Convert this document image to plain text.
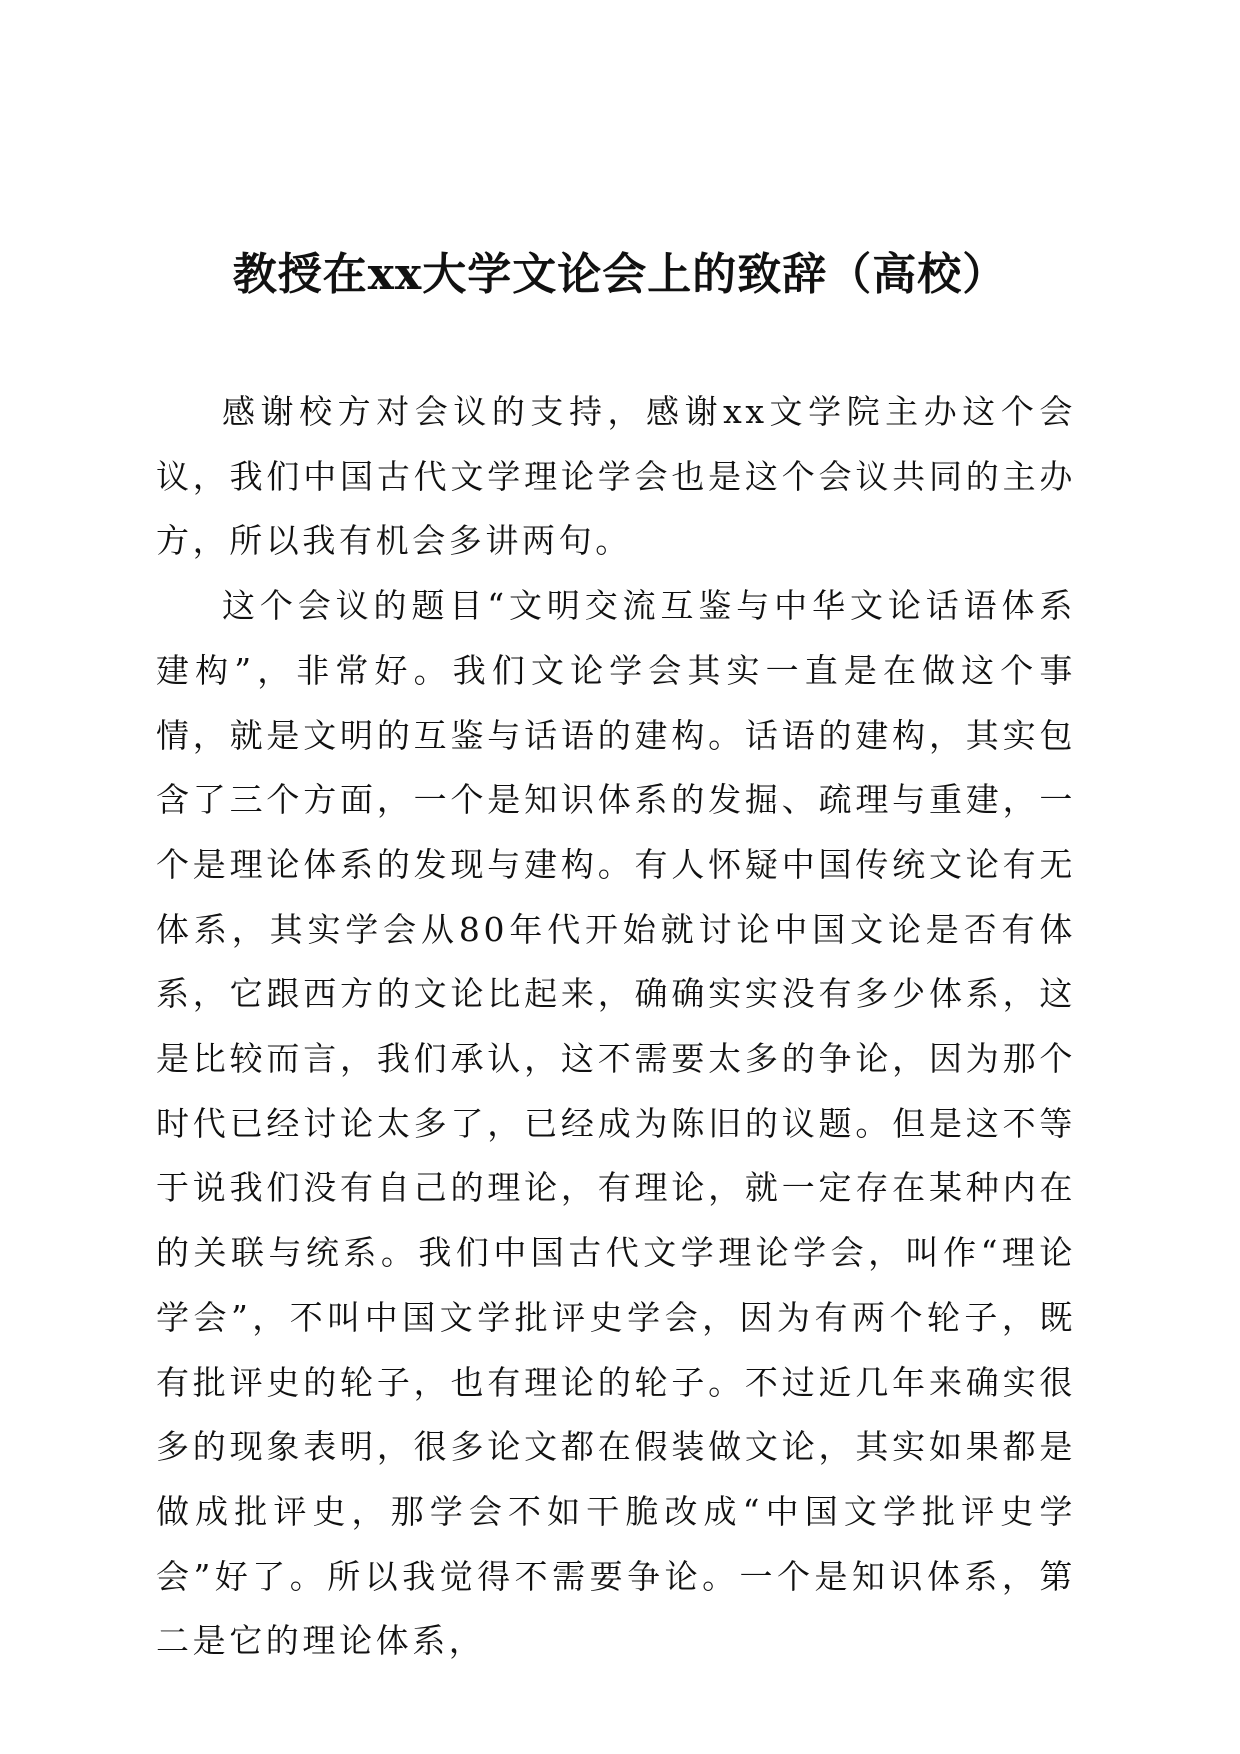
教授在xx大学文论会上的致辞（高校）

感谢校方对会议的支持，感谢xx文学院主办这个会议，我们中国古代文学理论学会也是这个会议共同的主办方，所以我有机会多讲两句。

这个会议的题目“文明交流互鉴与中华文论话语体系建构”，非常好。我们文论学会其实一直是在做这个事情，就是文明的互鉴与话语的建构。话语的建构，其实包含了三个方面，一个是知识体系的发掘、疏理与重建，一个是理论体系的发现与建构。有人怀疑中国传统文论有无体系，其实学会从80年代开始就讨论中国文论是否有体系，它跟西方的文论比起来，确确实实没有多少体系，这是比较而言，我们承认，这不需要太多的争论，因为那个时代已经讨论太多了，已经成为陈旧的议题。但是这不等于说我们没有自己的理论，有理论，就一定存在某种内在的关联与统系。我们中国古代文学理论学会，叫作“理论学会”，不叫中国文学批评史学会，因为有两个轮子，既有批评史的轮子，也有理论的轮子。不过近几年来确实很多的现象表明，很多论文都在假装做文论，其实如果都是做成批评史，那学会不如干脆改成“中国文学批评史学会”好了。所以我觉得不需要争论。一个是知识体系，第二是它的理论体系，
